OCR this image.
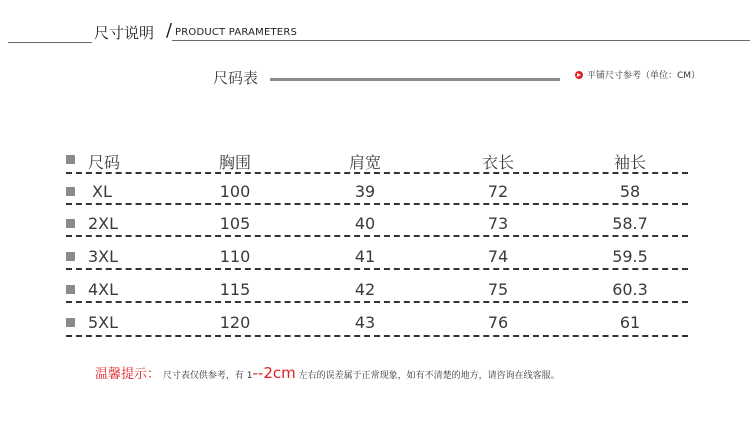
尺寸说明 / PRODUCT PARAMETERS
尺码表	平铺尺寸参考（单位：CM）
尺码	胸围	肩宽	衣长	袖长
XL	100	39	72	58
2XL	105	40	73	58.7
3XL	110	41	74	59.5
4XL	115	42	75	60.3
5XL	120	43	76	61
温馨提示： 尺寸表仅供参考，有 1--2cm 左右的误差属于正常现象，如有不清楚的地方，请咨询在线客服。
